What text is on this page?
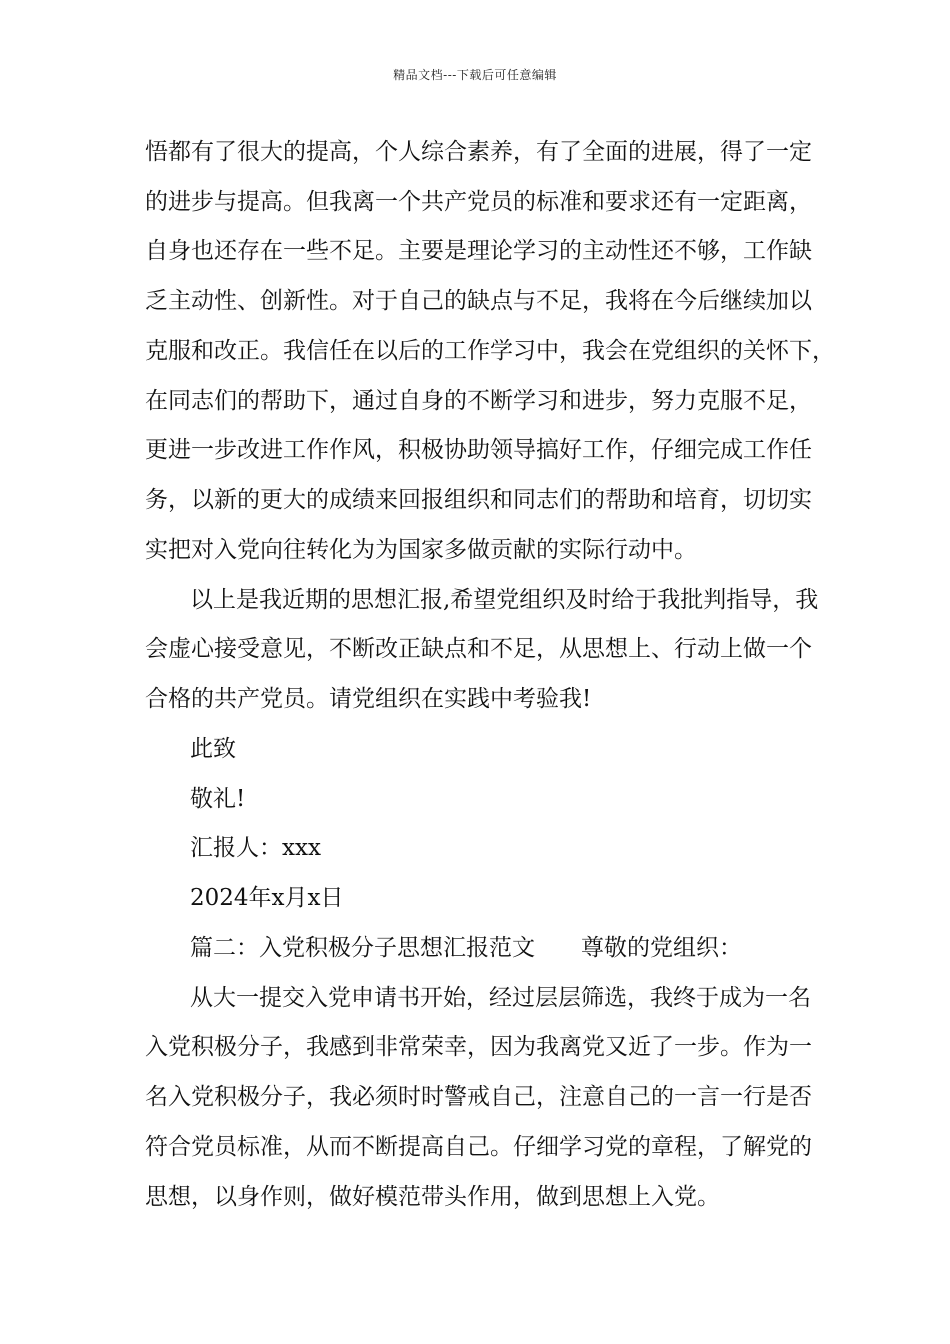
精品文档---下载后可任意编辑
悟都有了很大的提高，个人综合素养，有了全面的进展，得了一定
的进步与提高。但我离一个共产党员的标准和要求还有一定距离，
自身也还存在一些不足。主要是理论学习的主动性还不够，工作缺
乏主动性、创新性。对于自己的缺点与不足，我将在今后继续加以
克服和改正。我信任在以后的工作学习中，我会在党组织的关怀下，
在同志们的帮助下，通过自身的不断学习和进步，努力克服不足，
更进一步改进工作作风，积极协助领导搞好工作，仔细完成工作任
务，以新的更大的成绩来回报组织和同志们的帮助和培育，切切实
实把对入党向往转化为为国家多做贡献的实际行动中。
以上是我近期的思想汇报,希望党组织及时给于我批判指导，我
会虚心接受意见，不断改正缺点和不足，从思想上、行动上做一个
合格的共产党员。请党组织在实践中考验我!
此致
敬礼!
汇报人：xxx
2024年x月x日
篇二：入党积极分子思想汇报范文　　尊敬的党组织：
从大一提交入党申请书开始，经过层层筛选，我终于成为一名
入党积极分子，我感到非常荣幸，因为我离党又近了一步。作为一
名入党积极分子，我必须时时警戒自己，注意自己的一言一行是否
符合党员标准，从而不断提高自己。仔细学习党的章程，了解党的
思想，以身作则，做好模范带头作用，做到思想上入党。
